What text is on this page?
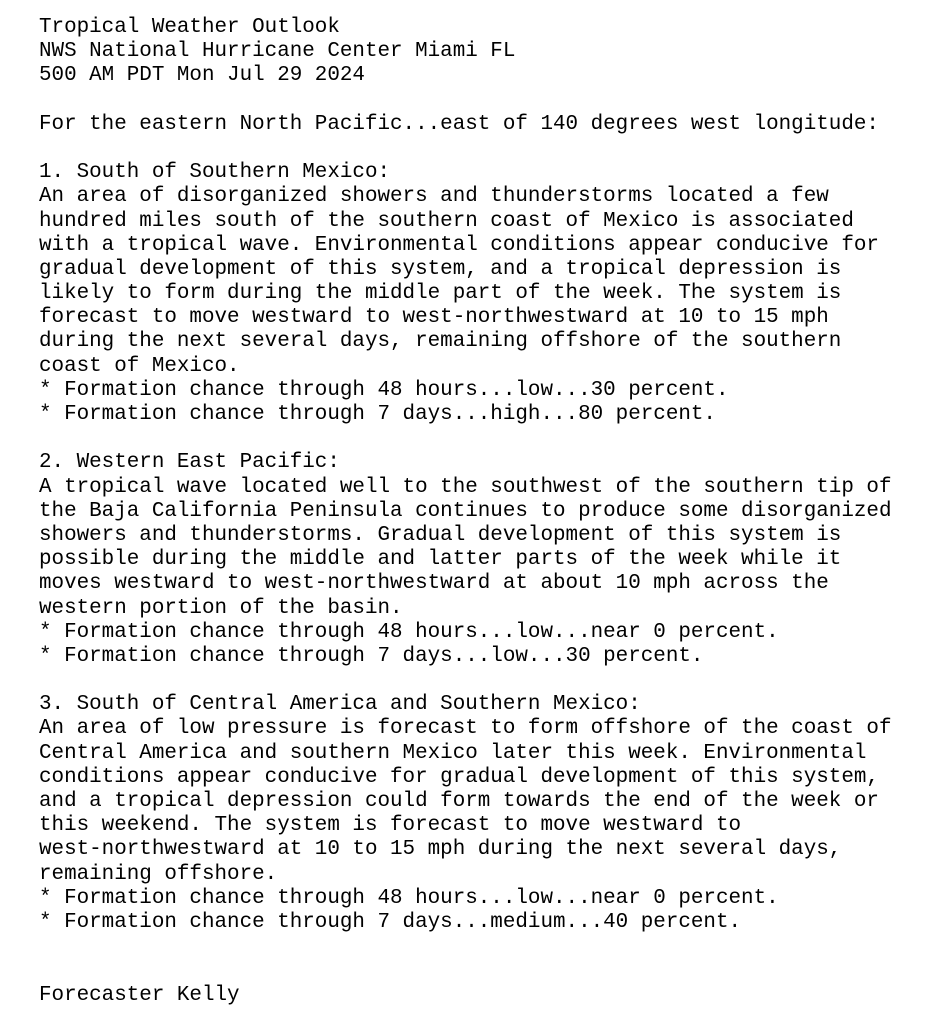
Tropical Weather Outlook
NWS National Hurricane Center Miami FL
500 AM PDT Mon Jul 29 2024
For the eastern North Pacific...east of 140 degrees west longitude:
1. South of Southern Mexico:
An area of disorganized showers and thunderstorms located a few
hundred miles south of the southern coast of Mexico is associated
with a tropical wave. Environmental conditions appear conducive for
gradual development of this system, and a tropical depression is
likely to form during the middle part of the week. The system is
forecast to move westward to west-northwestward at 10 to 15 mph
during the next several days, remaining offshore of the southern
coast of Mexico.
* Formation chance through 48 hours...low...30 percent.
* Formation chance through 7 days...high...80 percent.
2. Western East Pacific:
A tropical wave located well to the southwest of the southern tip of
the Baja California Peninsula continues to produce some disorganized
showers and thunderstorms. Gradual development of this system is
possible during the middle and latter parts of the week while it
moves westward to west-northwestward at about 10 mph across the
western portion of the basin.
* Formation chance through 48 hours...low...near 0 percent.
* Formation chance through 7 days...low...30 percent.
3. South of Central America and Southern Mexico:
An area of low pressure is forecast to form offshore of the coast of
Central America and southern Mexico later this week. Environmental
conditions appear conducive for gradual development of this system,
and a tropical depression could form towards the end of the week or
this weekend. The system is forecast to move westward to
west-northwestward at 10 to 15 mph during the next several days,
remaining offshore.
* Formation chance through 48 hours...low...near 0 percent.
* Formation chance through 7 days...medium...40 percent.
Forecaster Kelly
